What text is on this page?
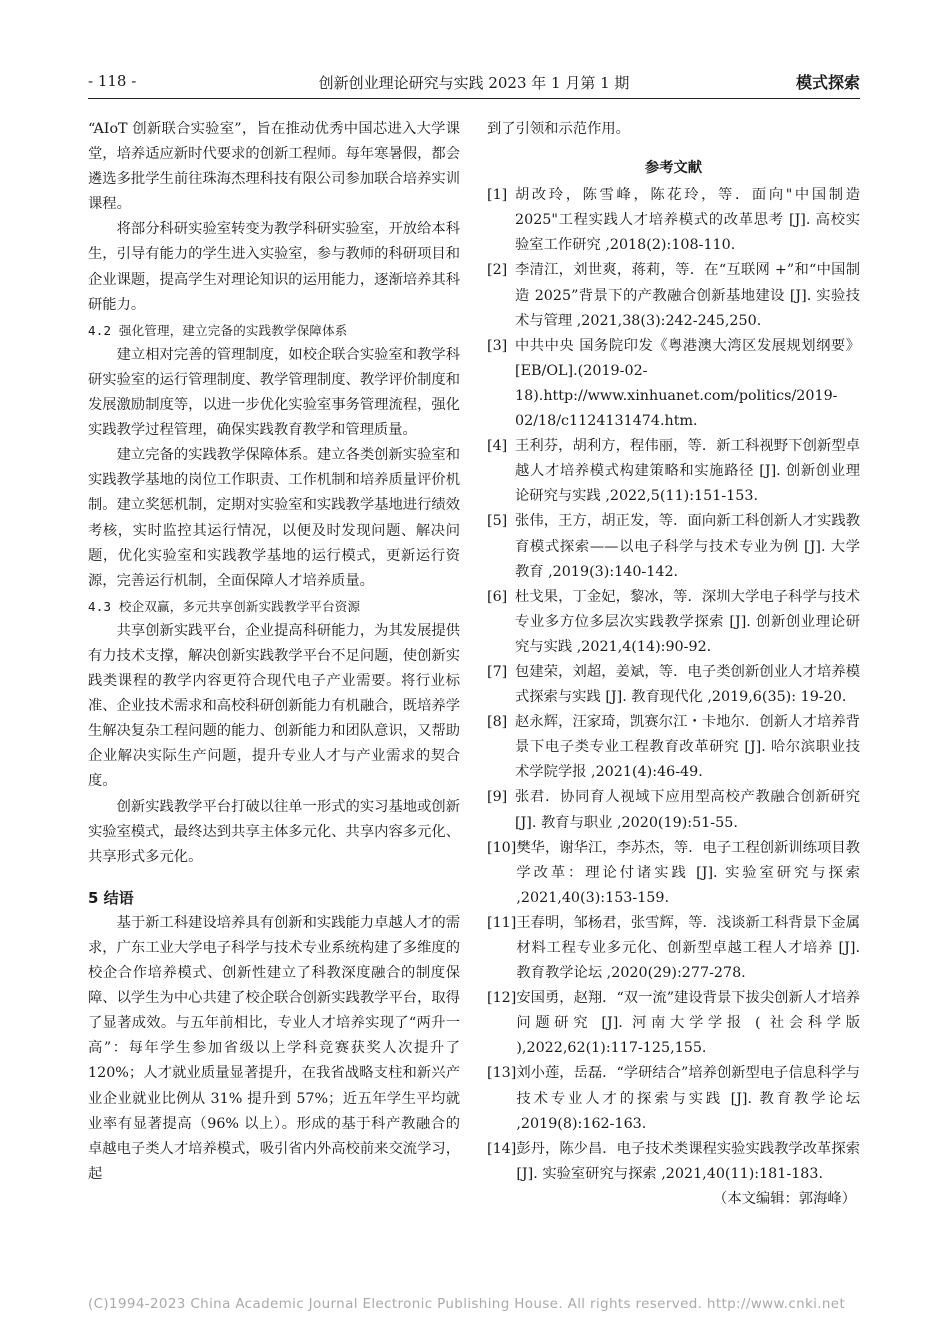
- 118 -	创新创业理论研究与实践 2023 年 1 月第 1 期	模式探索

“AIoT 创新联合实验室”，旨在推动优秀中国芯进入大学课堂，培养适应新时代要求的创新工程师。每年寒暑假，都会遴选多批学生前往珠海杰理科技有限公司参加联合培养实训课程。

将部分科研实验室转变为教学科研实验室，开放给本科生，引导有能力的学生进入实验室，参与教师的科研项目和企业课题，提高学生对理论知识的运用能力，逐渐培养其科研能力。

4.2 强化管理，建立完备的实践教学保障体系

建立相对完善的管理制度，如校企联合实验室和教学科研实验室的运行管理制度、教学管理制度、教学评价制度和发展激励制度等，以进一步优化实验室事务管理流程，强化实践教学过程管理，确保实践教育教学和管理质量。

建立完备的实践教学保障体系。建立各类创新实验室和实践教学基地的岗位工作职责、工作机制和培养质量评价机制。建立奖惩机制，定期对实验室和实践教学基地进行绩效考核，实时监控其运行情况，以便及时发现问题、解决问题，优化实验室和实践教学基地的运行模式，更新运行资源，完善运行机制，全面保障人才培养质量。

4.3 校企双赢，多元共享创新实践教学平台资源

共享创新实践平台，企业提高科研能力，为其发展提供有力技术支撑，解决创新实践教学平台不足问题，使创新实践类课程的教学内容更符合现代电子产业需要。将行业标准、企业技术需求和高校科研创新能力有机融合，既培养学生解决复杂工程问题的能力、创新能力和团队意识，又帮助企业解决实际生产问题，提升专业人才与产业需求的契合度。

创新实践教学平台打破以往单一形式的实习基地或创新实验室模式，最终达到共享主体多元化、共享内容多元化、共享形式多元化。

5 结语

基于新工科建设培养具有创新和实践能力卓越人才的需求，广东工业大学电子科学与技术专业系统构建了多维度的校企合作培养模式、创新性建立了科教深度融合的制度保障、以学生为中心共建了校企联合创新实践教学平台，取得了显著成效。与五年前相比，专业人才培养实现了“两升一高”：每年学生参加省级以上学科竞赛获奖人次提升了 120%；人才就业质量显著提升，在我省战略支柱和新兴产业企业就业比例从 31% 提升到 57%；近五年学生平均就业率有显著提高（96% 以上）。形成的基于科产教融合的卓越电子类人才培养模式，吸引省内外高校前来交流学习，起

到了引领和示范作用。

参考文献

[1] 胡改玲，陈雪峰，陈花玲，等．面向"中国制造2025"工程实践人才培养模式的改革思考 [J]. 高校实验室工作研究 ,2018(2):108-110.
[2] 李清江，刘世爽，蒋莉，等．在“互联网 +”和“中国制造 2025”背景下的产教融合创新基地建设 [J]. 实验技术与管理 ,2021,38(3):242-245,250.
[3] 中共中央 国务院印发《粤港澳大湾区发展规划纲要》[EB/OL].(2019-02-18).http://www.xinhuanet.com/politics/2019-02/18/c1124131474.htm.
[4] 王利芬，胡利方，程伟丽，等．新工科视野下创新型卓越人才培养模式构建策略和实施路径 [J]. 创新创业理论研究与实践 ,2022,5(11):151-153.
[5] 张伟，王方，胡正发，等．面向新工科创新人才实践教育模式探索——以电子科学与技术专业为例 [J]. 大学教育 ,2019(3):140-142.
[6] 杜戈果，丁金妃，黎冰，等．深圳大学电子科学与技术专业多方位多层次实践教学探索 [J]. 创新创业理论研究与实践 ,2021,4(14):90-92.
[7] 包建荣，刘超，姜斌，等．电子类创新创业人才培养模式探索与实践 [J]. 教育现代化 ,2019,6(35): 19-20.
[8] 赵永辉，汪家琦，凯赛尔江・卡地尔．创新人才培养背景下电子类专业工程教育改革研究 [J]. 哈尔滨职业技术学院学报 ,2021(4):46-49.
[9] 张君．协同育人视域下应用型高校产教融合创新研究 [J]. 教育与职业 ,2020(19):51-55.
[10] 樊华，谢华江，李苏杰，等．电子工程创新训练项目教学改革：理论付诸实践 [J]. 实验室研究与探索 ,2021,40(3):153-159.
[11] 王春明，邹杨君，张雪辉，等．浅谈新工科背景下金属材料工程专业多元化、创新型卓越工程人才培养 [J]. 教育教学论坛 ,2020(29):277-278.
[12] 安国勇，赵翔．“双一流”建设背景下拔尖创新人才培养问题研究 [J]. 河南大学学报 ( 社会科学版 ),2022,62(1):117-125,155.
[13] 刘小莲，岳磊．“学研结合”培养创新型电子信息科学与技术专业人才的探索与实践 [J]. 教育教学论坛 ,2019(8):162-163.
[14] 彭丹，陈少昌．电子技术类课程实验实践教学改革探索 [J]. 实验室研究与探索 ,2021,40(11):181-183.

（本文编辑：郭海峰）

(C)1994-2023 China Academic Journal Electronic Publishing House. All rights reserved. http://www.cnki.net
